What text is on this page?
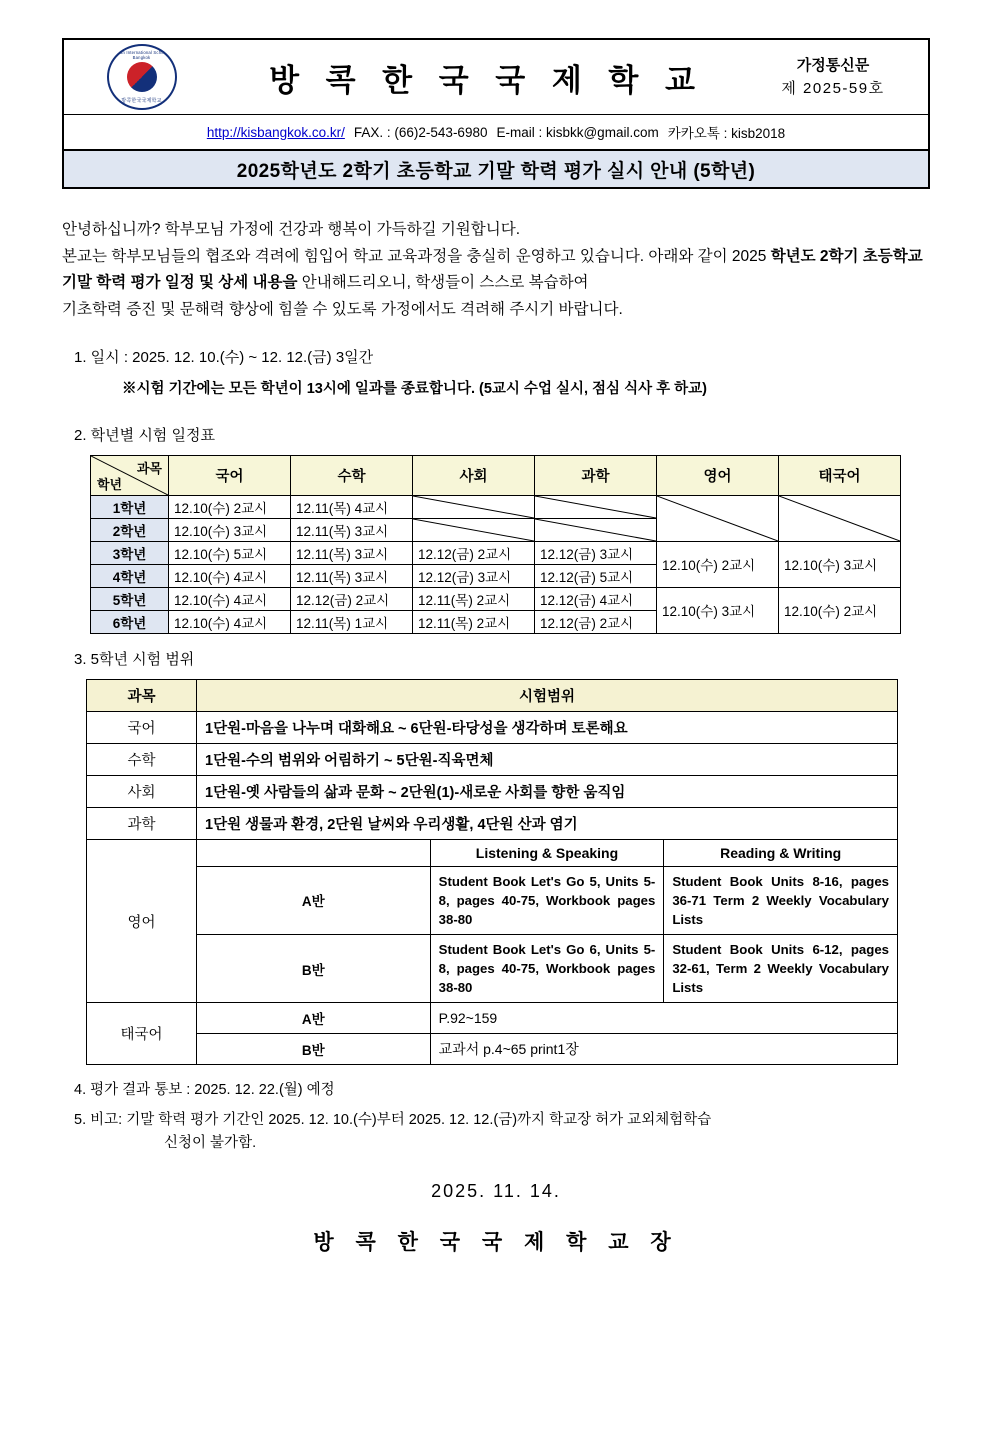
Korean International School of Bangkok
방콕한국국제학교
방 콕 한 국 국 제 학 교	가정통신문
제 2025-59호
http://kisbangkok.co.kr/ FAX. : (66)2-543-6980 E-mail : kisbkk@gmail.com 카카오톡 : kisb2018
2025학년도 2학기 초등학교 기말 학력 평가 실시 안내 (5학년)

안녕하십니까? 학부모님 가정에 건강과 행복이 가득하길 기원합니다.

본교는 학부모님들의 협조와 격려에 힘입어 학교 교육과정을 충실히 운영하고 있습니다. 아래와 같이 2025 학년도 2학기 초등학교 기말 학력 평가 일정 및 상세 내용을 안내해드리오니, 학생들이 스스로 복습하여

기초학력 증진 및 문해력 향상에 힘쓸 수 있도록 가정에서도 격려해 주시기 바랍니다.

1. 일시 : 2025. 12. 10.(수) ~ 12. 12.(금) 3일간
※시험 기간에는 모든 학년이 13시에 일과를 종료합니다. (5교시 수업 실시, 점심 식사 후 하교)
2. 학년별 시험 일정표
과목
학년	국어	수학	사회	과학	영어	태국어
1학년	12.10(수) 2교시	12.11(목) 4교시	

2학년	12.10(수) 3교시	12.11(목) 3교시	

3학년	12.10(수) 5교시	12.11(목) 3교시	12.12(금) 2교시	12.12(금) 3교시	12.10(수) 2교시	12.10(수) 3교시
4학년	12.10(수) 4교시	12.11(목) 3교시	12.12(금) 3교시	12.12(금) 5교시		
5학년	12.10(수) 4교시	12.12(금) 2교시	12.11(목) 2교시	12.12(금) 4교시	12.10(수) 3교시	12.10(수) 2교시
6학년	12.10(수) 4교시	12.11(목) 1교시	12.11(목) 2교시	12.12(금) 2교시		
3. 5학년 시험 범위
과목	시험범위		
국어	1단원-마음을 나누며 대화해요 ~ 6단원-타당성을 생각하며 토론해요		
수학	1단원-수의 범위와 어림하기 ~ 5단원-직육면체		
사회	1단원-옛 사람들의 삶과 문화 ~ 2단원(1)-새로운 사회를 향한 움직임		
과학	1단원 생물과 환경, 2단원 날씨와 우리생활, 4단원 산과 염기		
영어		Listening & Speaking	Reading & Writing
	A반	Student Book Let's Go 5, Units 5-8, pages 40-75, Workbook pages 38-80	Student Book Units 8-16, pages 36-71 Term 2 Weekly Vocabulary Lists
	B반	Student Book Let's Go 6, Units 5-8, pages 40-75, Workbook pages 38-80	Student Book Units 6-12, pages 32-61, Term 2 Weekly Vocabulary Lists
태국어	A반	P.92~159	
	B반	교과서 p.4~65 print1장	
4. 평가 결과 통보 : 2025. 12. 22.(월) 예정
5. 비고: 기말 학력 평가 기간인 2025. 12. 10.(수)부터 2025. 12. 12.(금)까지 학교장 허가 교외체험학습
신청이 불가함.
2025. 11. 14.
방 콕 한 국 국 제 학 교 장
